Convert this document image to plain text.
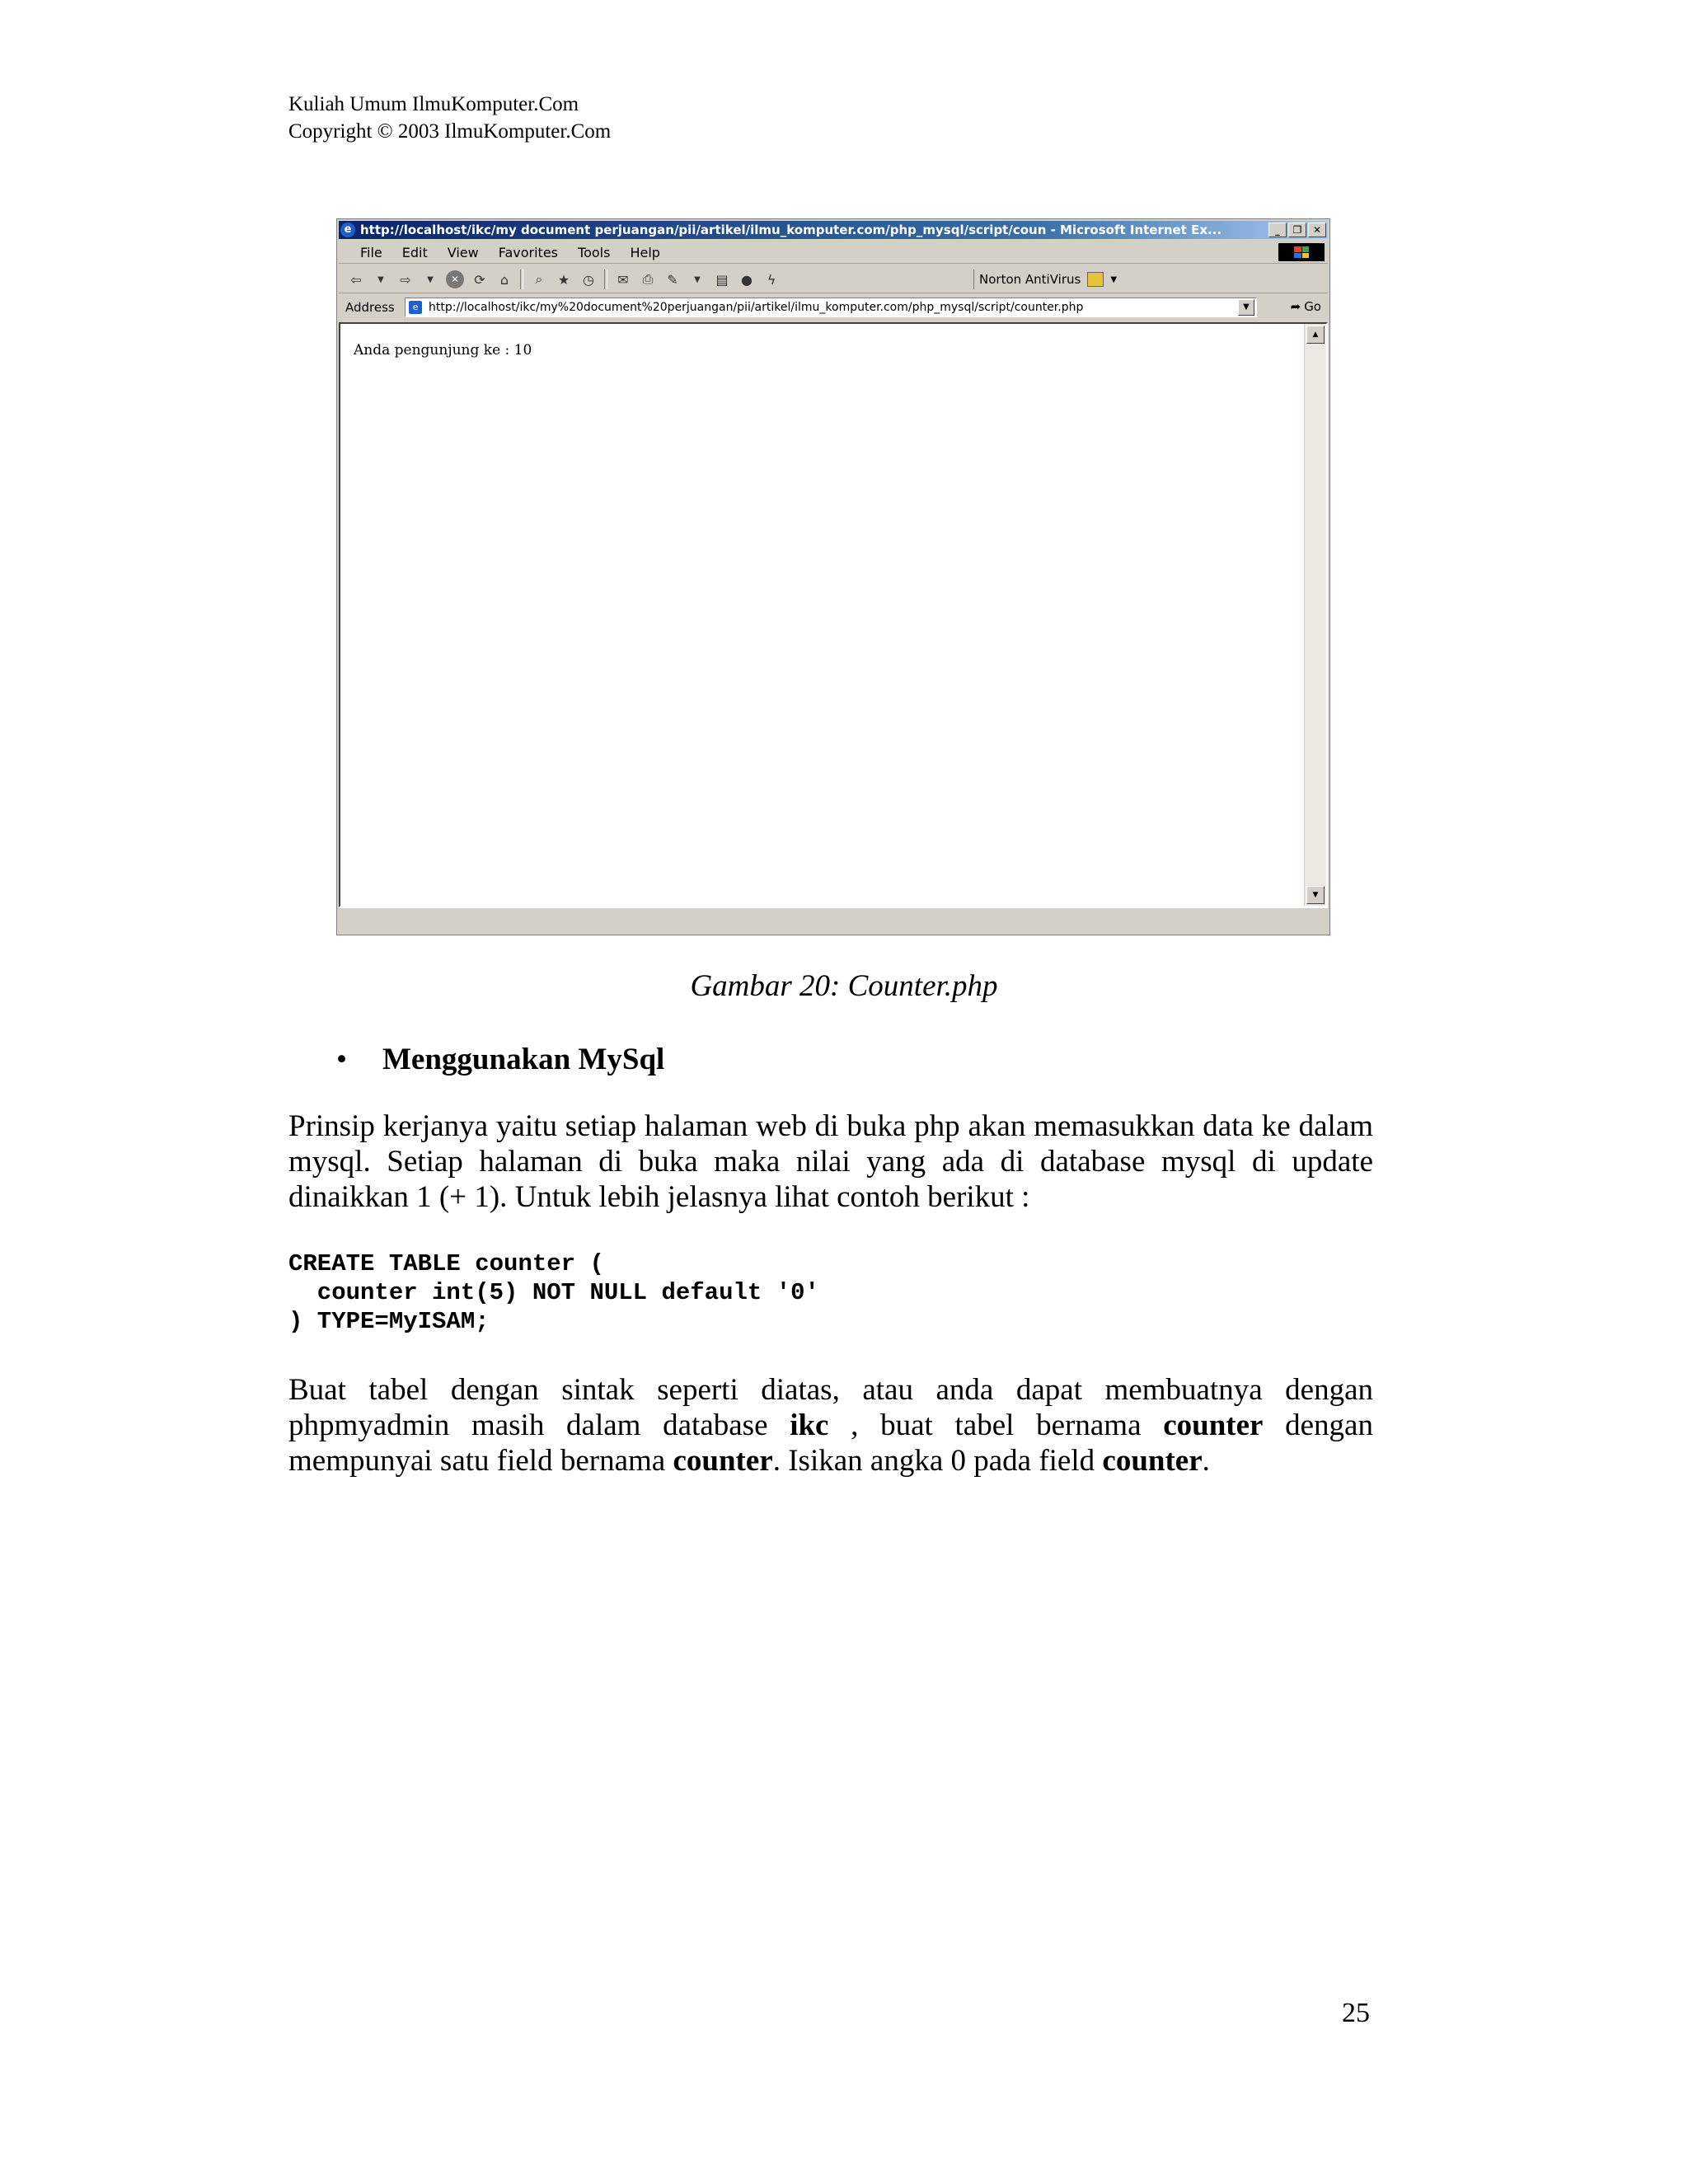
Kuliah Umum IlmuKomputer.Com
Copyright © 2003 IlmuKomputer.Com
e http://localhost/ikc/my document perjuangan/pii/artikel/ilmu_komputer.com/php_mysql/script/coun - Microsoft Internet Ex...	_	❐	✕
File Edit View Favorites Tools Help
⇦	▼	⇨	▼	✕	⟳	⌂	⌕	★ ◷ ✉ ⎙ ✎	▼	▤ ●	ϟ	Norton AntiVirus	▼
Address	e http://localhost/ikc/my%20document%20perjuangan/pii/artikel/ilmu_komputer.com/php_mysql/script/counter.php	▼	➦ Go
Anda pengunjung ke : 10
▲
▼
Gambar 20: Counter.php
•	Menggunakan MySql
Prinsip kerjanya yaitu setiap halaman web di buka php akan memasukkan data ke dalam mysql. Setiap halaman di buka maka nilai yang ada di database mysql di update dinaikkan 1 (+ 1). Untuk lebih jelasnya lihat contoh berikut :
CREATE TABLE counter (
counter int(5) NOT NULL default '0'
) TYPE=MyISAM;
Buat tabel dengan sintak seperti diatas, atau anda dapat membuatnya dengan phpmyadmin masih dalam database ikc , buat tabel bernama counter dengan mempunyai satu field bernama counter. Isikan angka 0 pada field counter.
25
